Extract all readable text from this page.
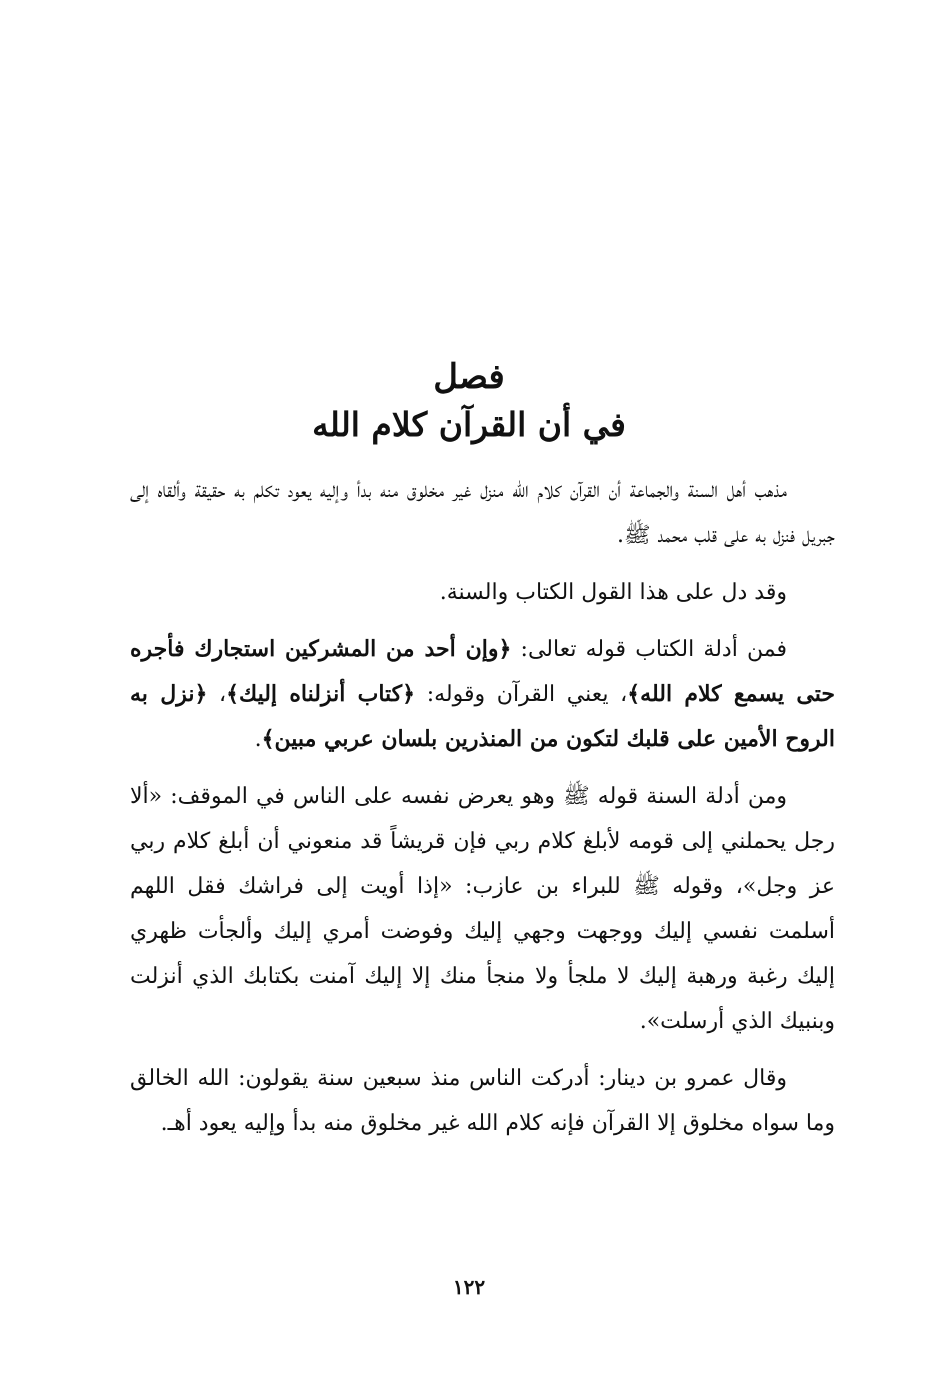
فصل
في أن القرآن كلام الله

مذهب أهل السنة والجماعة أن القرآن كلام الله منزل غير مخلوق منه بدأ وإليه يعود تكلم به حقيقة وألقاه إلى جبريل فنزل به على قلب محمد ﷺ.

وقد دل على هذا القول الكتاب والسنة.

فمن أدلة الكتاب قوله تعالى: ﴿وإن أحد من المشركين استجارك فأجره حتى يسمع كلام الله﴾، يعني القرآن وقوله: ﴿كتاب أنزلناه إليك﴾، ﴿نزل به الروح الأمين على قلبك لتكون من المنذرين بلسان عربي مبين﴾.

ومن أدلة السنة قوله ﷺ وهو يعرض نفسه على الناس في الموقف: «ألا رجل يحملني إلى قومه لأبلغ كلام ربي فإن قريشاً قد منعوني أن أبلغ كلام ربي عز وجل»، وقوله ﷺ للبراء بن عازب: «إذا أويت إلى فراشك فقل اللهم أسلمت نفسي إليك ووجهت وجهي إليك وفوضت أمري إليك وألجأت ظهري إليك رغبة ورهبة إليك لا ملجأ ولا منجأ منك إلا إليك آمنت بكتابك الذي أنزلت وبنبيك الذي أرسلت».

وقال عمرو بن دينار: أدركت الناس منذ سبعين سنة يقولون: الله الخالق وما سواه مخلوق إلا القرآن فإنه كلام الله غير مخلوق منه بدأ وإليه يعود أهـ.

١٢٢
